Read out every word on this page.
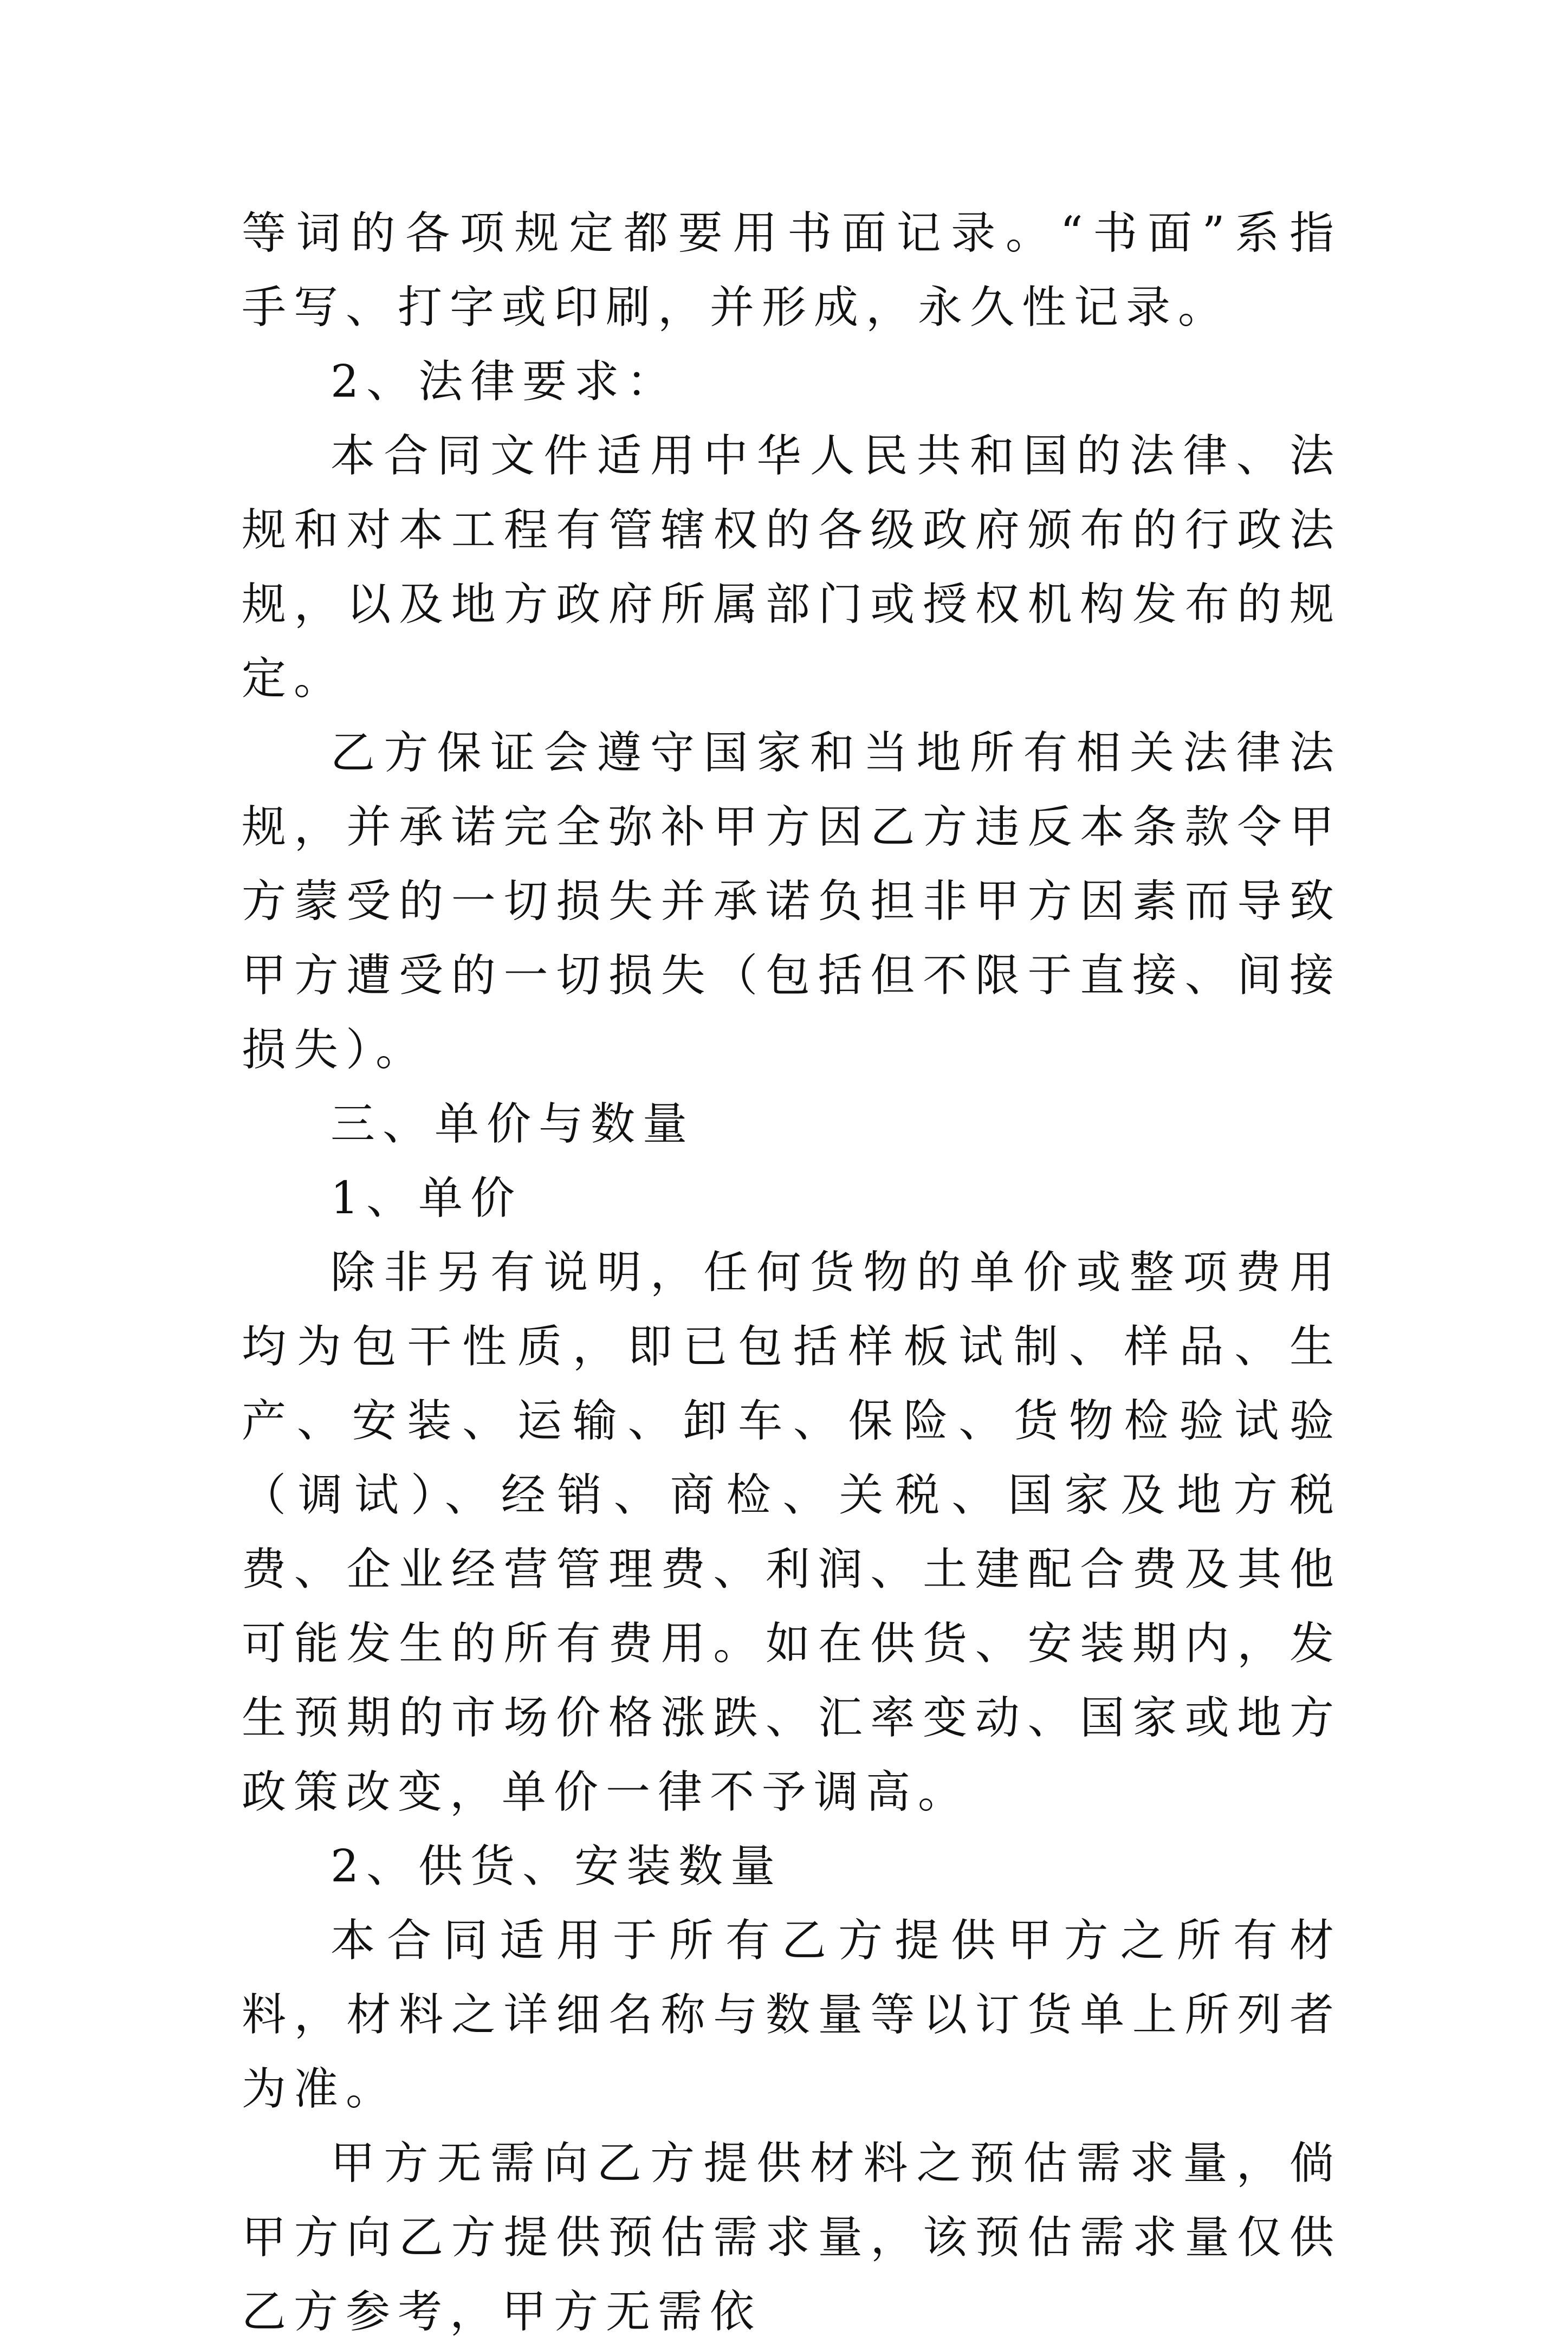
等词的各项规定都要用书面记录。“书面”系指手写、打字或印刷，并形成，永久性记录。

2、法律要求：

本合同文件适用中华人民共和国的法律、法规和对本工程有管辖权的各级政府颁布的行政法规，以及地方政府所属部门或授权机构发布的规定。

乙方保证会遵守国家和当地所有相关法律法规，并承诺完全弥补甲方因乙方违反本条款令甲方蒙受的一切损失并承诺负担非甲方因素而导致甲方遭受的一切损失（包括但不限于直接、间接损失）。

三、单价与数量

1、单价

除非另有说明，任何货物的单价或整项费用均为包干性质，即已包括样板试制、样品、生产、安装、运输、卸车、保险、货物检验试验（调试）、经销、商检、关税、国家及地方税费、企业经营管理费、利润、土建配合费及其他可能发生的所有费用。如在供货、安装期内，发生预期的市场价格涨跌、汇率变动、国家或地方政策改变，单价一律不予调高。

2、供货、安装数量

本合同适用于所有乙方提供甲方之所有材料，材料之详细名称与数量等以订货单上所列者为准。

甲方无需向乙方提供材料之预估需求量，倘甲方向乙方提供预估需求量，该预估需求量仅供乙方参考，甲方无需依
